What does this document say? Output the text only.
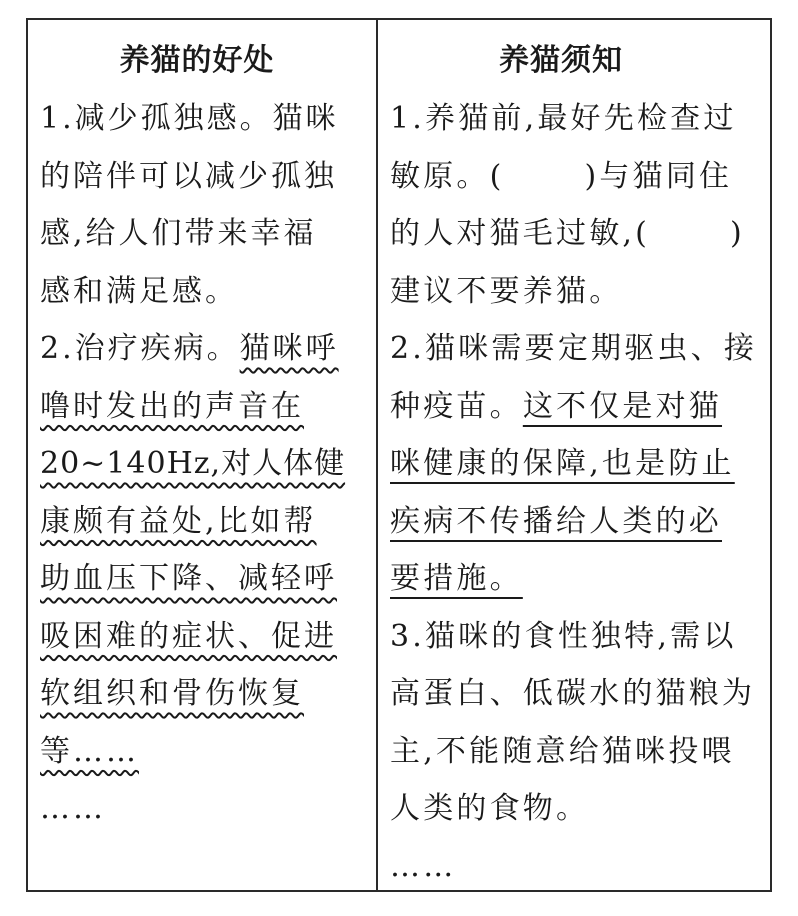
养猫的好处
1.减少孤独感。猫咪
的陪伴可以减少孤独
感,给人们带来幸福
感和满足感。
2.治疗疾病。猫咪呼
噜时发出的声音在
20~140Hz,对人体健
康颇有益处,比如帮
助血压下降、减轻呼
吸困难的症状、促进
软组织和骨伤恢复
等……
……
养猫须知
1.养猫前,最好先检查过
敏原。(	)与猫同住
的人对猫毛过敏,(	)
建议不要养猫。
2.猫咪需要定期驱虫、接
种疫苗。这不仅是对猫
咪健康的保障,也是防止
疾病不传播给人类的必
要措施。
3.猫咪的食性独特,需以
高蛋白、低碳水的猫粮为
主,不能随意给猫咪投喂
人类的食物。
……
